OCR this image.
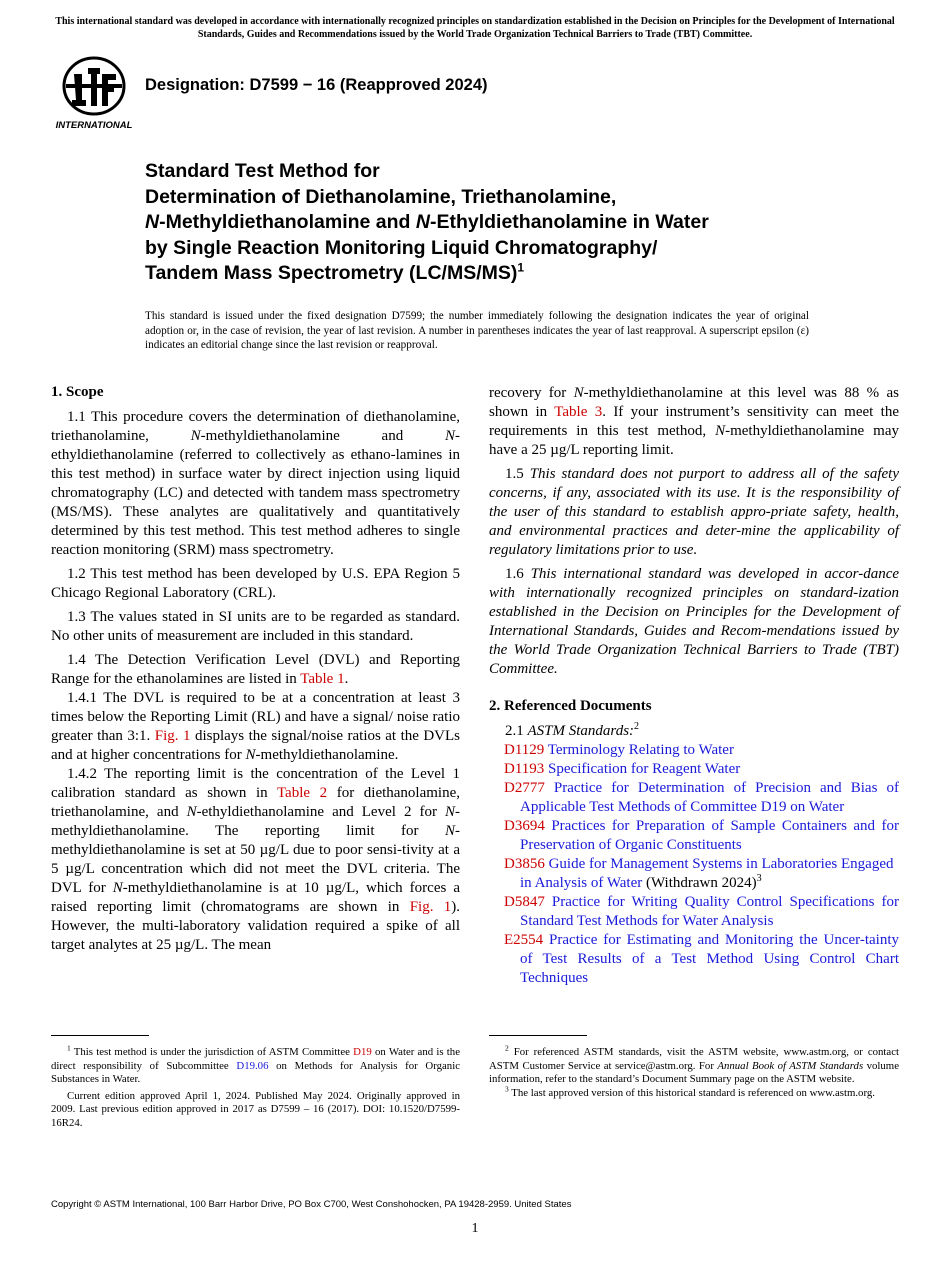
This international standard was developed in accordance with internationally recognized principles on standardization established in the Decision on Principles for the Development of International Standards, Guides and Recommendations issued by the World Trade Organization Technical Barriers to Trade (TBT) Committee.
INTERNATIONAL
Designation: D7599 − 16 (Reapproved 2024)
Standard Test Method for
Determination of Diethanolamine, Triethanolamine,
N-Methyldiethanolamine and N-Ethyldiethanolamine in Water
by Single Reaction Monitoring Liquid Chromatography/
Tandem Mass Spectrometry $(LC/MS/MS)^1$
This standard is issued under the fixed designation D7599; the number immediately following the designation indicates the year of original adoption or, in the case of revision, the year of last revision. A number in parentheses indicates the year of last reapproval. A superscript epsilon (ε) indicates an editorial change since the last revision or reapproval.
1. Scope

1.1 This procedure covers the determination of diethanolamine, triethanolamine, N-methyldiethanolamine and N-ethyldiethanolamine (referred to collectively as ethano-lamines in this test method) in surface water by direct injection using liquid chromatography (LC) and detected with tandem mass spectrometry (MS/MS). These analytes are qualitatively and quantitatively determined by this test method. This test method adheres to single reaction monitoring (SRM) mass spectrometry.

1.2 This test method has been developed by U.S. EPA Region 5 Chicago Regional Laboratory (CRL).

1.3 The values stated in SI units are to be regarded as standard. No other units of measurement are included in this standard.

1.4 The Detection Verification Level (DVL) and Reporting Range for the ethanolamines are listed in Table 1.

1.4.1 The DVL is required to be at a concentration at least 3 times below the Reporting Limit (RL) and have a signal/ noise ratio greater than 3:1. Fig. 1 displays the signal/noise ratios at the DVLs and at higher concentrations for N-methyldiethanolamine.

1.4.2 The reporting limit is the concentration of the Level 1 calibration standard as shown in Table 2 for diethanolamine, triethanolamine, and N-ethyldiethanolamine and Level 2 for N-methyldiethanolamine. The reporting limit for N-methyldiethanolamine is set at 50 µg/L due to poor sensi-tivity at a 5 µg/L concentration which did not meet the DVL criteria. The DVL for N-methyldiethanolamine is at 10 µg/L, which forces a raised reporting limit (chromatograms are shown in Fig. 1). However, the multi-laboratory validation required a spike of all target analytes at 25 µg/L. The mean

recovery for N-methyldiethanolamine at this level was 88 % as shown in Table 3. If your instrument’s sensitivity can meet the requirements in this test method, N-methyldiethanolamine may have a 25 µg/L reporting limit.

1.5 This standard does not purport to address all of the safety concerns, if any, associated with its use. It is the responsibility of the user of this standard to establish appro-priate safety, health, and environmental practices and deter-mine the applicability of regulatory limitations prior to use.

1.6 This international standard was developed in accor-dance with internationally recognized principles on standard-ization established in the Decision on Principles for the Development of International Standards, Guides and Recom-mendations issued by the World Trade Organization Technical Barriers to Trade (TBT) Committee.

2. Referenced Documents

2.1 ASTM Standards:$^2$

D1129 Terminology Relating to Water

D1193 Specification for Reagent Water

D2777 Practice for Determination of Precision and Bias of Applicable Test Methods of Committee D19 on Water

D3694 Practices for Preparation of Sample Containers and for Preservation of Organic Constituents

D3856 Guide for Management Systems in Laboratories Engaged in Analysis of Water (Withdrawn 2024)$^3$

D5847 Practice for Writing Quality Control Specifications for Standard Test Methods for Water Analysis

E2554 Practice for Estimating and Monitoring the Uncer-tainty of Test Results of a Test Method Using Control Chart Techniques

$^1$ This test method is under the jurisdiction of ASTM Committee D19 on Water and is the direct responsibility of Subcommittee D19.06 on Methods for Analysis for Organic Substances in Water.

Current edition approved April 1, 2024. Published May 2024. Originally approved in 2009. Last previous edition approved in 2017 as D7599 – 16 (2017). DOI: 10.1520/D7599-16R24.

$^2$ For referenced ASTM standards, visit the ASTM website, www.astm.org, or contact ASTM Customer Service at service@astm.org. For Annual Book of ASTM Standards volume information, refer to the standard’s Document Summary page on the ASTM website.

$^3$ The last approved version of this historical standard is referenced on www.astm.org.

Copyright © ASTM International, 100 Barr Harbor Drive, PO Box C700, West Conshohocken, PA 19428-2959. United States
1
